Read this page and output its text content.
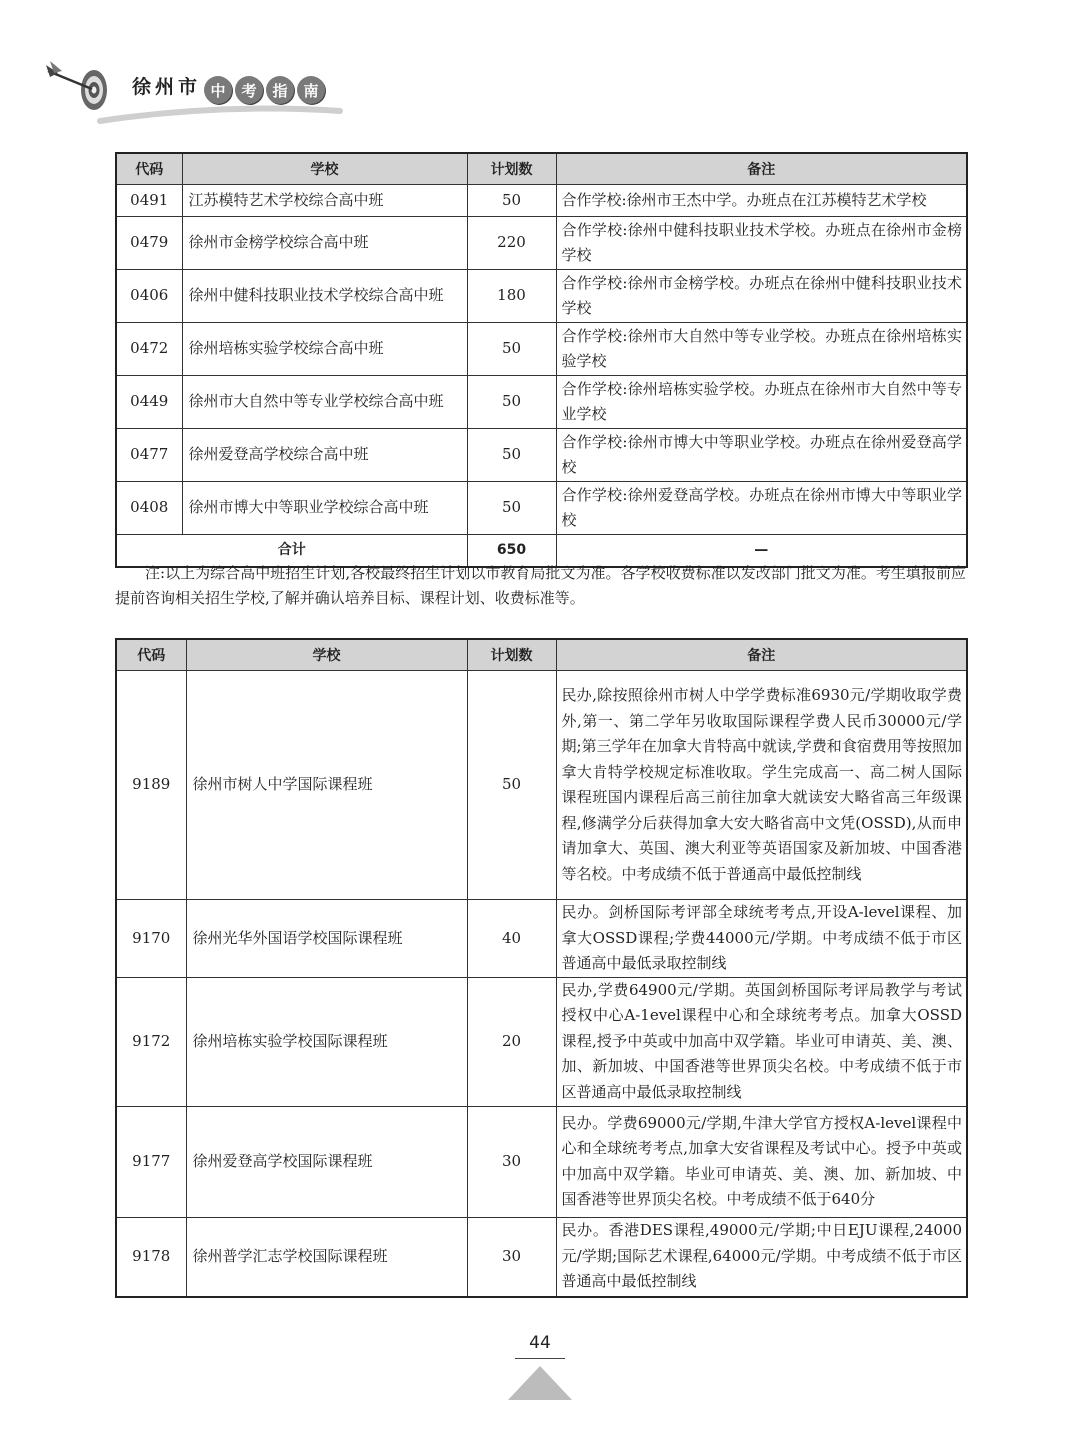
徐州市 中	考	指	南
代码	学校	计划数	备注
0491	江苏模特艺术学校综合高中班	50	合作学校:徐州市王杰中学。办班点在江苏模特艺术学校
0479	徐州市金榜学校综合高中班	220	合作学校:徐州中健科技职业技术学校。办班点在徐州市金榜学校
0406	徐州中健科技职业技术学校综合高中班	180	合作学校:徐州市金榜学校。办班点在徐州中健科技职业技术学校
0472	徐州培栋实验学校综合高中班	50	合作学校:徐州市大自然中等专业学校。办班点在徐州培栋实验学校
0449	徐州市大自然中等专业学校综合高中班	50	合作学校:徐州培栋实验学校。办班点在徐州市大自然中等专业学校
0477	徐州爱登高学校综合高中班	50	合作学校:徐州市博大中等职业学校。办班点在徐州爱登高学校
0408	徐州市博大中等职业学校综合高中班	50	合作学校:徐州爱登高学校。办班点在徐州市博大中等职业学校
合计		650	—

注:以上为综合高中班招生计划,各校最终招生计划以市教育局批文为准。各学校收费标准以发改部门批文为准。考生填报前应提前咨询相关招生学校,了解并确认培养目标、课程计划、收费标准等。

代码	学校	计划数	备注
9189	徐州市树人中学国际课程班	50	民办,除按照徐州市树人中学学费标准6930元/学期收取学费外,第一、第二学年另收取国际课程学费人民币30000元/学期;第三学年在加拿大肯特高中就读,学费和食宿费用等按照加拿大肯特学校规定标准收取。学生完成高一、高二树人国际课程班国内课程后高三前往加拿大就读安大略省高三年级课程,修满学分后获得加拿大安大略省高中文凭(OSSD),从而申请加拿大、英国、澳大利亚等英语国家及新加坡、中国香港等名校。中考成绩不低于普通高中最低控制线
9170	徐州光华外国语学校国际课程班	40	民办。剑桥国际考评部全球统考考点,开设A-level课程、加拿大OSSD课程;学费44000元/学期。中考成绩不低于市区普通高中最低录取控制线
9172	徐州培栋实验学校国际课程班	20	民办,学费64900元/学期。英国剑桥国际考评局教学与考试授权中心A-1evel课程中心和全球统考考点。加拿大OSSD课程,授予中英或中加高中双学籍。毕业可申请英、美、澳、加、新加坡、中国香港等世界顶尖名校。中考成绩不低于市区普通高中最低录取控制线
9177	徐州爱登高学校国际课程班	30	民办。学费69000元/学期,牛津大学官方授权A-level课程中心和全球统考考点,加拿大安省课程及考试中心。授予中英或中加高中双学籍。毕业可申请英、美、澳、加、新加坡、中国香港等世界顶尖名校。中考成绩不低于640分
9178	徐州普学汇志学校国际课程班	30	民办。香港DES课程,49000元/学期;中日EJU课程,24000元/学期;国际艺术课程,64000元/学期。中考成绩不低于市区普通高中最低控制线
44
